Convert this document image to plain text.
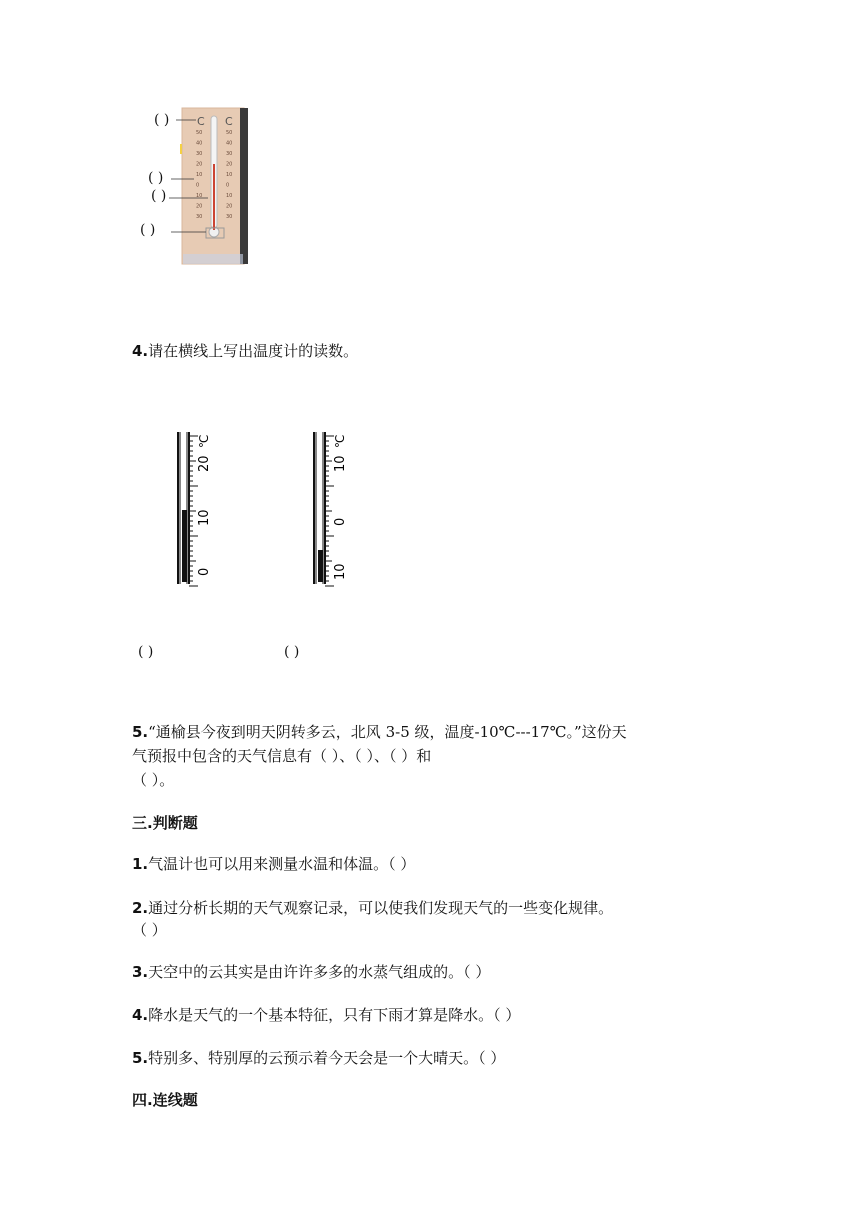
50
40
30
20
10
0
10
20
30
50
40
30
20
10
0
10
20
30
C C
( )
( )
( )
( )
4.请在横线上写出温度计的读数。
20
10
0
℃
10
0
10
℃
( )	( )
5.“通榆县今夜到明天阴转多云，北风 3-5 级，温度-10℃---17℃。”这份天
气预报中包含的天气信息有（ ）、（ ）、（ ）和
（ ）。
三.判断题
1.气温计也可以用来测量水温和体温。（ ）
2.通过分析长期的天气观察记录，可以使我们发现天气的一些变化规律。
（ ）
3.天空中的云其实是由许许多多的水蒸气组成的。（ ）
4.降水是天气的一个基本特征，只有下雨才算是降水。（ ）
5.特别多、特别厚的云预示着今天会是一个大晴天。（ ）
四.连线题
